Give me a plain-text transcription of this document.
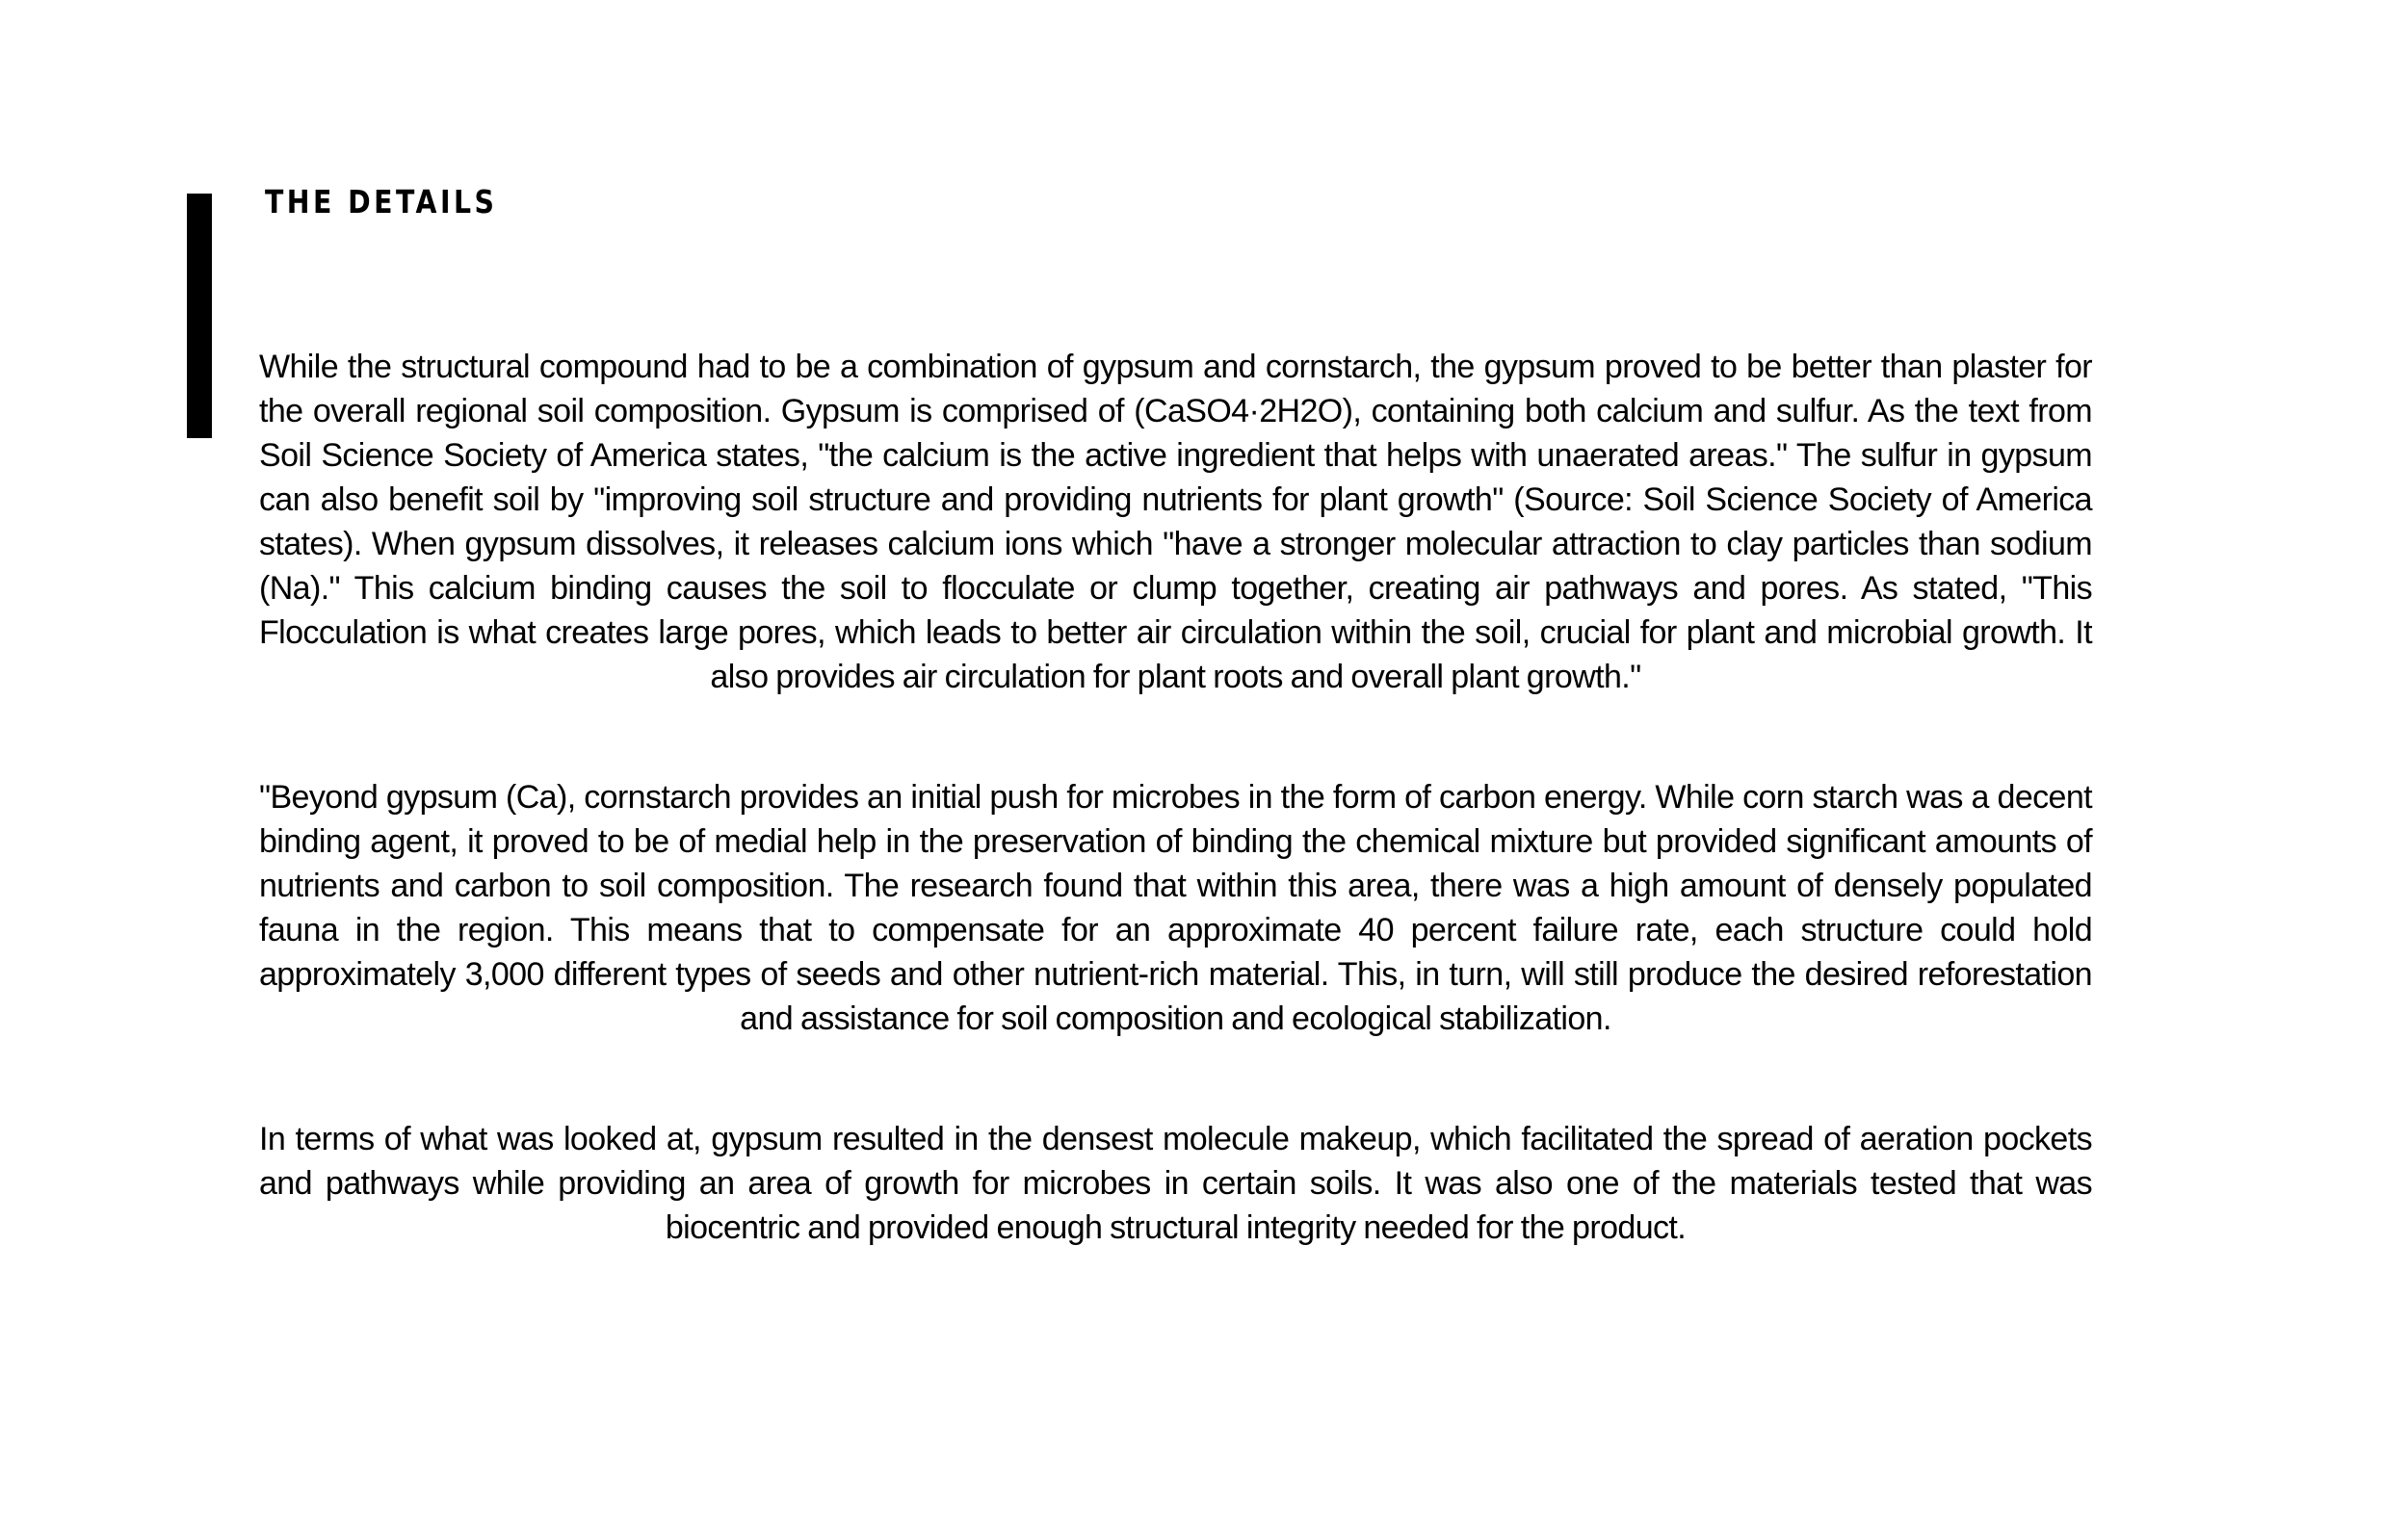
THE DETAILS

While the structural compound had to be a combination of gypsum and cornstarch, the gypsum proved to be better than plaster for the overall regional soil composition. Gypsum is comprised of (CaSO4·2H2O), containing both calcium and sulfur. As the text from Soil Science Society of America states, "the calcium is the active ingredient that helps with unaerated areas." The sulfur in gypsum can also benefit soil by "improving soil structure and providing nutrients for plant growth" (Source: Soil Science Society of America states). When gypsum dissolves, it releases calcium ions which "have a stronger molecular attraction to clay particles than sodium (Na)." This calcium binding causes the soil to flocculate or clump together, creating air pathways and pores. As stated, "This Flocculation is what creates large pores, which leads to better air circulation within the soil, crucial for plant and microbial growth. It also provides air circulation for plant roots and overall plant growth."

"Beyond gypsum (Ca), cornstarch provides an initial push for microbes in the form of carbon energy. While corn starch was a decent binding agent, it proved to be of medial help in the preservation of binding the chemical mixture but provided significant amounts of nutrients and carbon to soil composition. The research found that within this area, there was a high amount of densely populated fauna in the region. This means that to compensate for an approximate 40 percent failure rate, each structure could hold approximately 3,000 different types of seeds and other nutrient-rich material. This, in turn, will still produce the desired reforestation and assistance for soil composition and ecological stabilization.

In terms of what was looked at, gypsum resulted in the densest molecule makeup, which facilitated the spread of aeration pockets and pathways while providing an area of growth for microbes in certain soils. It was also one of the materials tested that was biocentric and provided enough structural integrity needed for the product.
